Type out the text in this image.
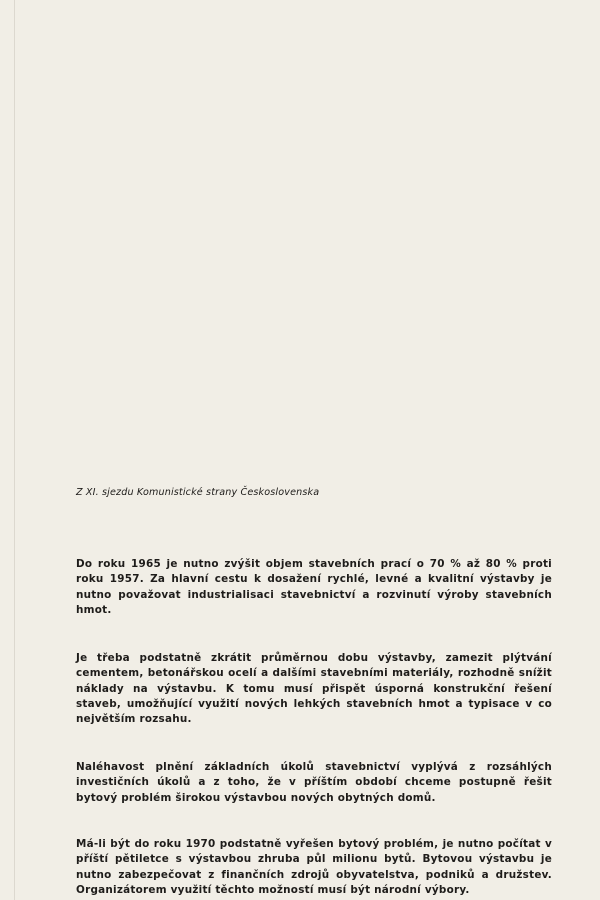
Z XI. sjezdu Komunistické strany Československa

Do roku 1965 je nutno zvýšit objem stavebních prací o 70 % až 80 % proti roku 1957. Za hlavní cestu k dosažení rychlé, levné a kvalitní výstavby je nutno považovat industrialisaci stavebnictví a rozvinutí výroby stavebních hmot.

Je třeba podstatně zkrátit průměrnou dobu výstavby, zamezit plýtvání cementem, betonářskou ocelí a dalšími stavebními materiály, rozhodně snížit náklady na výstavbu. K tomu musí přispět úsporná konstrukční řešení staveb, umožňující využití nových lehkých stavebních hmot a typisace v co největším rozsahu.

Naléhavost plnění základních úkolů stavebnictví vyplývá z rozsáhlých investičních úkolů a z toho, že v příštím období chceme postupně řešit bytový problém širokou výstavbou nových obytných domů.

Má-li být do roku 1970 podstatně vyřešen bytový problém, je nutno počítat v příští pětiletce s výstavbou zhruba půl milionu bytů. Bytovou výstavbu je nutno zabezpečovat z finančních zdrojů obyvatelstva, podniků a družstev. Organizátorem využití těchto možností musí být národní výbory.
